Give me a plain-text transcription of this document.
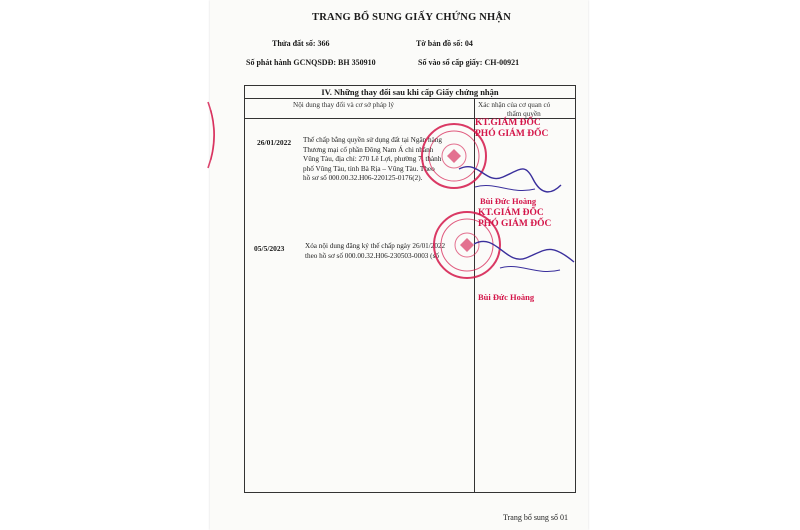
TRANG BỔ SUNG GIẤY CHỨNG NHẬN
Thửa đất số: 366	Tờ bản đồ số: 04
Số phát hành GCNQSDĐ: BH 350910	Số vào sổ cấp giấy: CH-00921
IV. Những thay đổi sau khi cấp Giấy chứng nhận
Nội dung thay đổi và cơ sở pháp lý	Xác nhận của cơ quan có
thẩm quyền
26/01/2022 Thế chấp bằng quyền sử dụng đất tại Ngân hàng
Thương mại cổ phần Đông Nam Á chi nhánh
Vũng Tàu, địa chỉ: 270 Lê Lợi, phường 7, thành
phố Vũng Tàu, tỉnh Bà Rịa – Vũng Tàu. Theo
hồ sơ số 000.00.32.H06-220125-0176(2).
KT.GIÁM ĐỐC
PHÓ GIÁM ĐỐC
Bùi Đức Hoàng
05/5/2023	Xóa nội dung đăng ký thế chấp ngày 26/01/2022
theo hồ sơ số 000.00.32.H06-230503-0003 (số
KT.GIÁM ĐỐC
PHÓ GIÁM ĐỐC
Bùi Đức Hoàng
Trang bổ sung số 01
